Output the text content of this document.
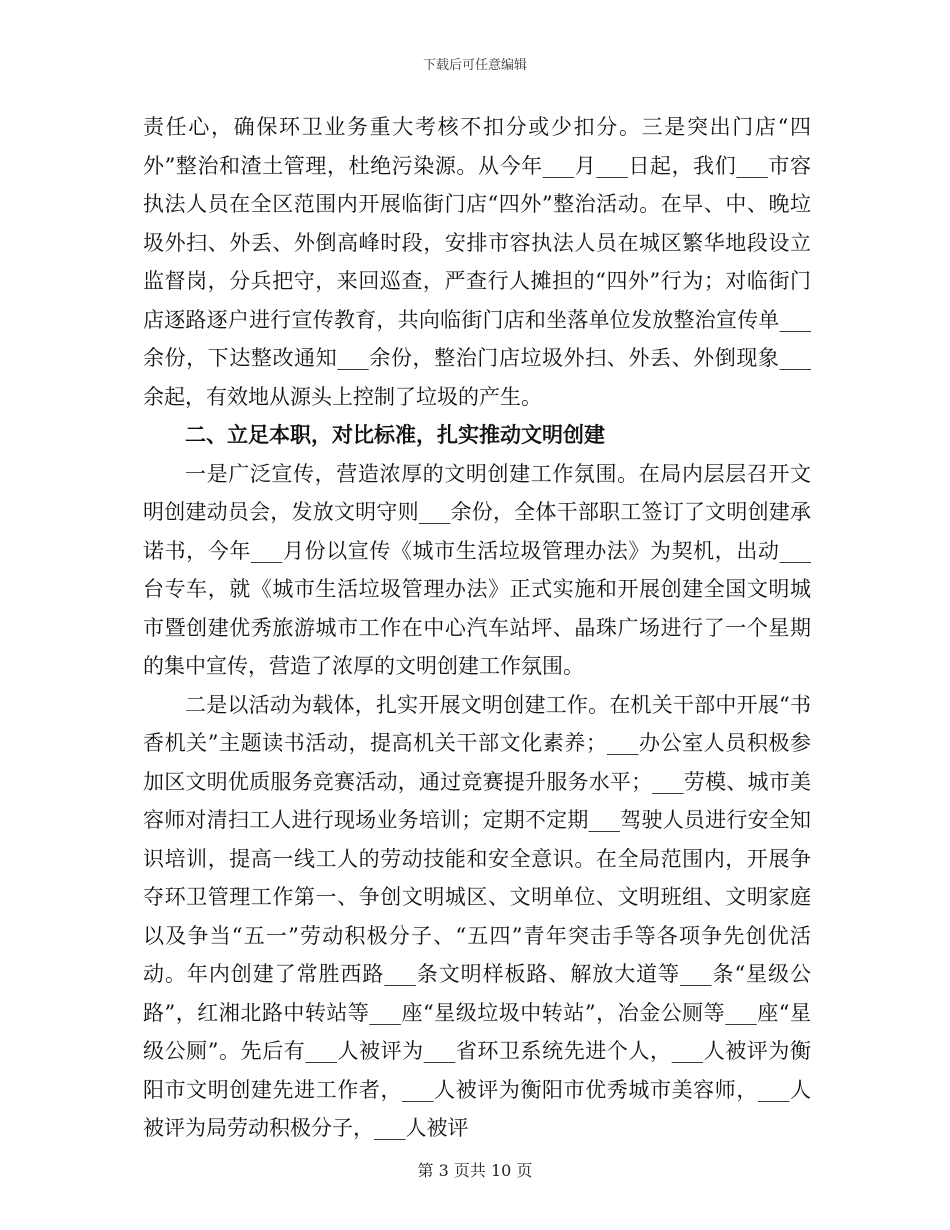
下载后可任意编辑

责任心，确保环卫业务重大考核不扣分或少扣分。三是突出门店“四外”整治和渣土管理，杜绝污染源。从今年___月___日起，我们___市容执法人员在全区范围内开展临街门店“四外”整治活动。在早、中、晚垃圾外扫、外丢、外倒高峰时段，安排市容执法人员在城区繁华地段设立监督岗，分兵把守，来回巡查，严查行人摊担的“四外”行为；对临街门店逐路逐户进行宣传教育，共向临街门店和坐落单位发放整治宣传单___余份，下达整改通知___余份，整治门店垃圾外扫、外丢、外倒现象___余起，有效地从源头上控制了垃圾的产生。

二、立足本职，对比标准，扎实推动文明创建

一是广泛宣传，营造浓厚的文明创建工作氛围。在局内层层召开文明创建动员会，发放文明守则___余份，全体干部职工签订了文明创建承诺书，今年___月份以宣传《城市生活垃圾管理办法》为契机，出动___台专车，就《城市生活垃圾管理办法》正式实施和开展创建全国文明城市暨创建优秀旅游城市工作在中心汽车站坪、晶珠广场进行了一个星期的集中宣传，营造了浓厚的文明创建工作氛围。

二是以活动为载体，扎实开展文明创建工作。在机关干部中开展“书香机关”主题读书活动，提高机关干部文化素养；___办公室人员积极参加区文明优质服务竞赛活动，通过竞赛提升服务水平；___劳模、城市美容师对清扫工人进行现场业务培训；定期不定期___驾驶人员进行安全知识培训，提高一线工人的劳动技能和安全意识。在全局范围内，开展争夺环卫管理工作第一、争创文明城区、文明单位、文明班组、文明家庭以及争当“五一”劳动积极分子、“五四”青年突击手等各项争先创优活动。年内创建了常胜西路___条文明样板路、解放大道等___条“星级公路”，红湘北路中转站等___座“星级垃圾中转站”，冶金公厕等___座“星级公厕”。先后有___人被评为___省环卫系统先进个人，___人被评为衡阳市文明创建先进工作者，___人被评为衡阳市优秀城市美容师，___人被评为局劳动积极分子，___人被评

第 3 页共 10 页
